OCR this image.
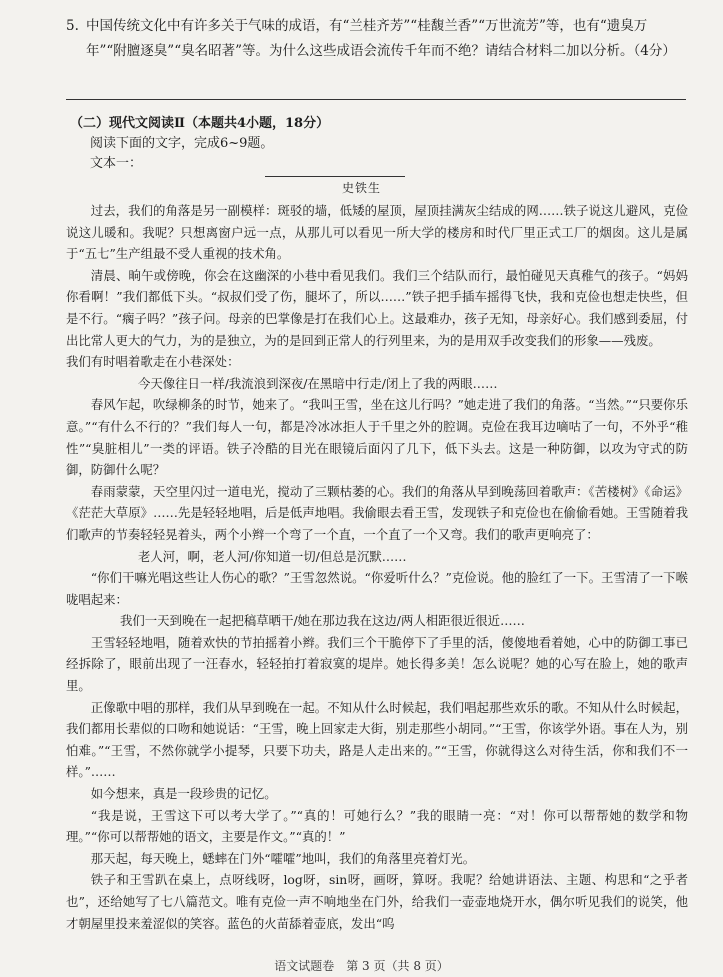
5. 中国传统文化中有许多关于气味的成语，有“兰桂齐芳”“桂馥兰香”“万世流芳”等，也有“遗臭万年”“附膻逐臭”“臭名昭著”等。为什么这些成语会流传千年而不绝？请结合材料二加以分析。（4分）
（二）现代文阅读Ⅱ（本题共4小题，18分）
阅读下面的文字，完成6~9题。
文本一：
史铁生

过去，我们的角落是另一副模样：斑驳的墙，低矮的屋顶，屋顶挂满灰尘结成的网……铁子说这儿避风，克俭说这儿暖和。我呢？只想离窗户远一点，从那儿可以看见一所大学的楼房和时代厂里正式工厂的烟囱。这儿是属于“五七”生产组最不受人重视的技术角。

清晨、晌午或傍晚，你会在这幽深的小巷中看见我们。我们三个结队而行，最怕碰见天真稚气的孩子。“妈妈你看啊！”我们都低下头。“叔叔们受了伤，腿坏了，所以……”铁子把手插车摇得飞快，我和克俭也想走快些，但是不行。“瘸子吗？”孩子问。母亲的巴掌像是打在我们心上。这最难办，孩子无知，母亲好心。我们感到委屈，付出比常人更大的气力，为的是独立，为的是回到正常人的行列里来，为的是用双手改变我们的形象——残废。

我们有时唱着歌走在小巷深处：

今天像往日一样/我流浪到深夜/在黑暗中行走/闭上了我的两眼……

春风乍起，吹绿柳条的时节，她来了。“我叫王雪，坐在这儿行吗？”她走进了我们的角落。“当然。”“只要你乐意。”“有什么不行的？”我们每人一句，都是冷冰冰拒人于千里之外的腔调。克俭在我耳边嘀咕了一句，不外乎“稚性”“臭脏相儿”一类的评语。铁子冷酷的目光在眼镜后面闪了几下，低下头去。这是一种防御，以攻为守式的防御，防御什么呢？

春雨蒙蒙，天空里闪过一道电光，搅动了三颗枯萎的心。我们的角落从早到晚荡回着歌声：《苦楼树》《命运》《茫茫大草原》……先是轻轻地唱，后是低声地唱。我偷眼去看王雪，发现铁子和克俭也在偷偷看她。王雪随着我们歌声的节奏轻轻晃着头，两个小辫一个弯了一个直，一个直了一个又弯。我们的歌声更响亮了：

老人河，啊，老人河/你知道一切/但总是沉默……

“你们干嘛光唱这些让人伤心的歌？”王雪忽然说。“你爱听什么？”克俭说。他的脸红了一下。王雪清了一下喉咙唱起来：

我们一天到晚在一起把稿草晒干/她在那边我在这边/两人相距很近很近……

王雪轻轻地唱，随着欢快的节拍摇着小辫。我们三个干脆停下了手里的活，傻傻地看着她，心中的防御工事已经拆除了，眼前出现了一汪春水，轻轻拍打着寂寞的堤岸。她长得多美！怎么说呢？她的心写在脸上，她的歌声里。

正像歌中唱的那样，我们从早到晚在一起。不知从什么时候起，我们唱起那些欢乐的歌。不知从什么时候起，我们都用长辈似的口吻和她说话：“王雪，晚上回家走大街，别走那些小胡同。”“王雪，你该学外语。事在人为，别怕难。”“王雪，不然你就学小提琴，只要下功夫，路是人走出来的。”“王雪，你就得这么对待生活，你和我们不一样。”……

如今想来，真是一段珍贵的记忆。

“我是说，王雪这下可以考大学了。”“真的！可她行么？”我的眼睛一亮：“对！你可以帮帮她的数学和物理。”“你可以帮帮她的语文，主要是作文。”“真的！”

那天起，每天晚上，蟋蟀在门外“嚯嚯”地叫，我们的角落里亮着灯光。

铁子和王雪趴在桌上，点呀线呀，log呀，sin呀，画呀，算呀。我呢？给她讲语法、主题、构思和“之乎者也”，还给她写了七八篇范文。唯有克俭一声不响地坐在门外，给我们一壶壶地烧开水，偶尔听见我们的说笑，他才朝屋里投来羞涩似的笑容。蓝色的火苗舔着壶底，发出“呜

语文试题卷　第 3 页（共 8 页）
